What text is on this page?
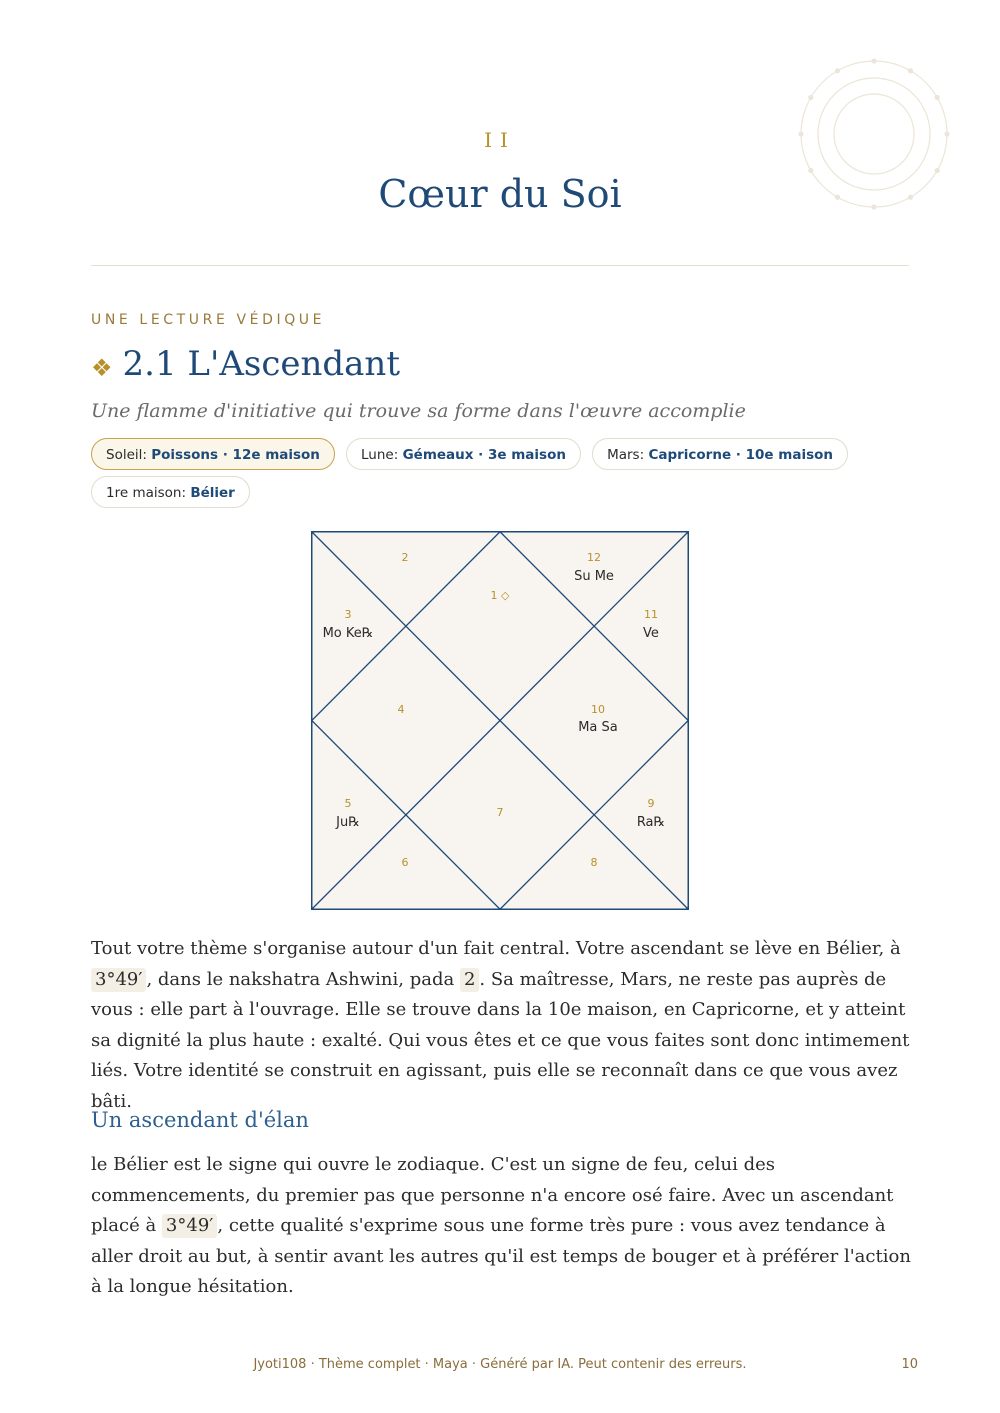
II
Cœur du Soi
UNE LECTURE VÉDIQUE
❖ 2.1 L'Ascendant
Une flamme d'initiative qui trouve sa forme dans l'œuvre accomplie
Soleil: Poissons · 12e maison	Lune: Gémeaux · 3e maison	Mars: Capricorne · 10e maison 1re maison: Bélier
1 ◇
2
3
Mo Ke℞
4
5
Ju℞
6
7
8
9
Ra℞
10
Ma Sa
11
Ve
12
Su Me
Tout votre thème s'organise autour d'un fait central. Votre ascendant se lève en Bélier, à 3°49′ , dans le nakshatra Ashwini, pada 2 . Sa maîtresse, Mars, ne reste pas auprès de vous : elle part à l'ouvrage. Elle se trouve dans la 10e maison, en Capricorne, et y atteint sa dignité la plus haute : exalté. Qui vous êtes et ce que vous faites sont donc intimement liés. Votre identité se construit en agissant, puis elle se reconnaît dans ce que vous avez bâti.
Un ascendant d'élan
le Bélier est le signe qui ouvre le zodiaque. C'est un signe de feu, celui des commencements, du premier pas que personne n'a encore osé faire. Avec un ascendant placé à 3°49′ , cette qualité s'exprime sous une forme très pure : vous avez tendance à aller droit au but, à sentir avant les autres qu'il est temps de bouger et à préférer l'action à la longue hésitation.
Jyoti108 · Thème complet · Maya · Généré par IA. Peut contenir des erreurs.	10
